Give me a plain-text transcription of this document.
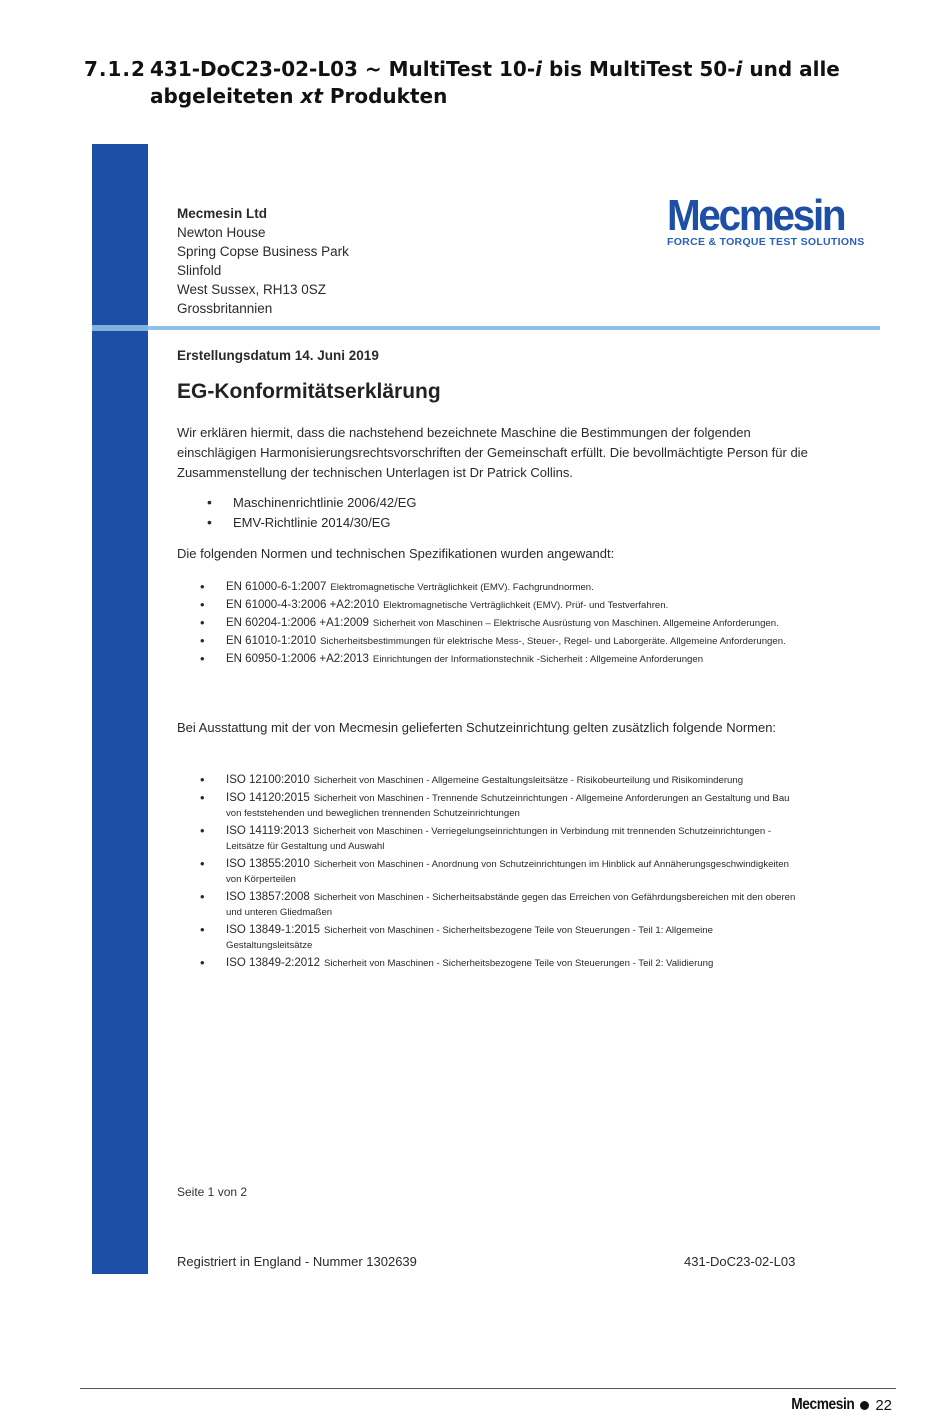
7.1.2 431-DoC23-02-L03 ~ MultiTest 10-i bis MultiTest 50-i und alle
abgeleiteten xt Produkten
Mecmesin Ltd
Newton House
Spring Copse Business Park
Slinfold
West Sussex, RH13 0SZ
Grossbritannien
Mecmesin
FORCE & TORQUE TEST SOLUTIONS
Erstellungsdatum 14. Juni 2019
EG-Konformitätserklärung
Wir erklären hiermit, dass die nachstehend bezeichnete Maschine die Bestimmungen der folgenden einschlägigen Harmonisierungsrechtsvorschriften der Gemeinschaft erfüllt. Die bevollmächtigte Person für die Zusammenstellung der technischen Unterlagen ist Dr Patrick Collins.
• Maschinenrichtlinie 2006/42/EG
• EMV-Richtlinie 2014/30/EG
Die folgenden Normen und technischen Spezifikationen wurden angewandt:
• EN 61000-6-1:2007 Elektromagnetische Verträglichkeit (EMV). Fachgrundnormen.
• EN 61000-4-3:2006 +A2:2010 Elektromagnetische Verträglichkeit (EMV). Prüf- und Testverfahren.
• EN 60204-1:2006 +A1:2009 Sicherheit von Maschinen – Elektrische Ausrüstung von Maschinen. Allgemeine Anforderungen.
• EN 61010-1:2010 Sicherheitsbestimmungen für elektrische Mess-, Steuer-, Regel- und Laborgeräte. Allgemeine Anforderungen.
• EN 60950-1:2006 +A2:2013 Einrichtungen der Informationstechnik -Sicherheit : Allgemeine Anforderungen
Bei Ausstattung mit der von Mecmesin gelieferten Schutzeinrichtung gelten zusätzlich folgende Normen:
• ISO 12100:2010 Sicherheit von Maschinen - Allgemeine Gestaltungsleitsätze - Risikobeurteilung und Risikominderung
• ISO 14120:2015 Sicherheit von Maschinen - Trennende Schutzeinrichtungen - Allgemeine Anforderungen an Gestaltung und Bau von feststehenden und beweglichen trennenden Schutzeinrichtungen
• ISO 14119:2013 Sicherheit von Maschinen - Verriegelungseinrichtungen in Verbindung mit trennenden Schutzeinrichtungen - Leitsätze für Gestaltung und Auswahl
• ISO 13855:2010 Sicherheit von Maschinen - Anordnung von Schutzeinrichtungen im Hinblick auf Annäherungsgeschwindigkeiten von Körperteilen
• ISO 13857:2008 Sicherheit von Maschinen - Sicherheitsabstände gegen das Erreichen von Gefährdungsbereichen mit den oberen und unteren Gliedmaßen
• ISO 13849-1:2015 Sicherheit von Maschinen - Sicherheitsbezogene Teile von Steuerungen - Teil 1: Allgemeine Gestaltungsleitsätze
• ISO 13849-2:2012 Sicherheit von Maschinen - Sicherheitsbezogene Teile von Steuerungen - Teil 2: Validierung
Seite 1 von 2
Registriert in England - Nummer 1302639	431-DoC23-02-L03
Mecmesin 22
